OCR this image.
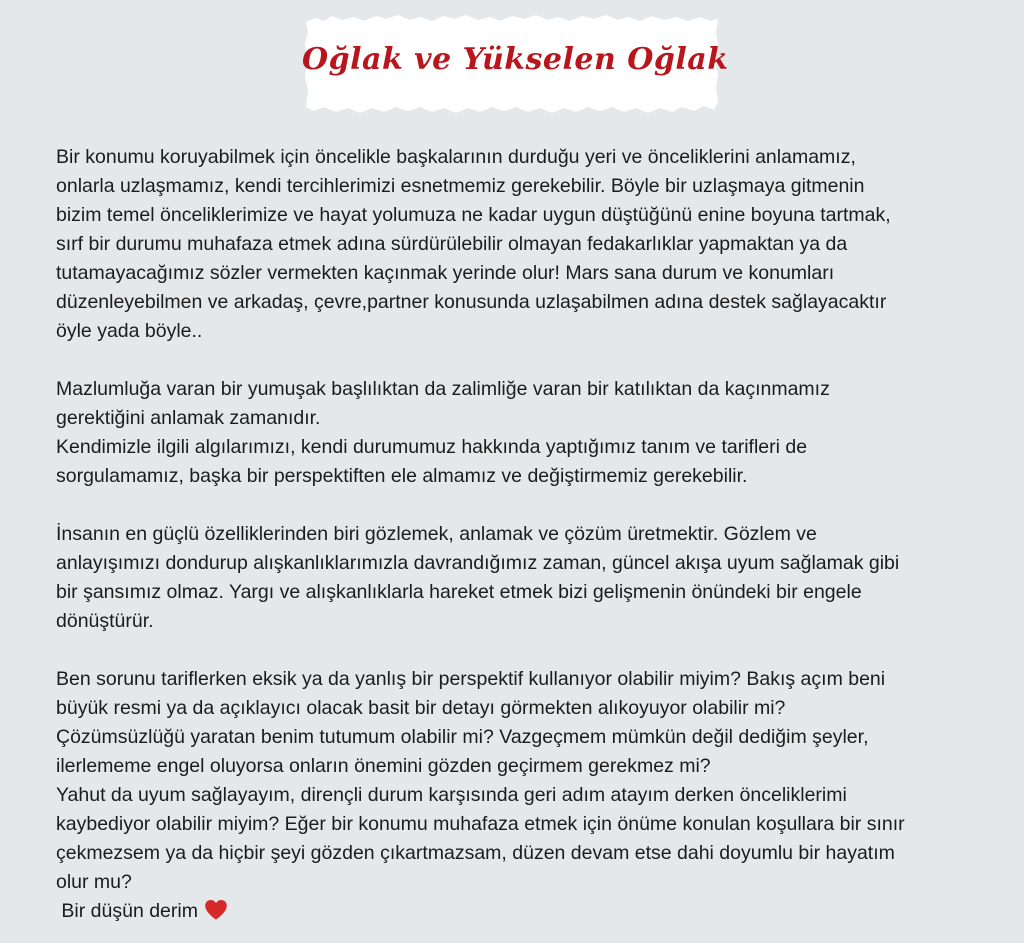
Oğlak ve Yükselen Oğlak
Bir konumu koruyabilmek için öncelikle başkalarının durduğu yeri ve önceliklerini anlamamız,
onlarla uzlaşmamız, kendi tercihlerimizi esnetmemiz gerekebilir. Böyle bir uzlaşmaya gitmenin
bizim temel önceliklerimize ve hayat yolumuza ne kadar uygun düştüğünü enine boyuna tartmak,
sırf bir durumu muhafaza etmek adına sürdürülebilir olmayan fedakarlıklar yapmaktan ya da
tutamayacağımız sözler vermekten kaçınmak yerinde olur! Mars sana durum ve konumları
düzenleyebilmen ve arkadaş, çevre,partner konusunda uzlaşabilmen adına destek sağlayacaktır
öyle yada böyle..
Mazlumluğa varan bir yumuşak başlılıktan da zalimliğe varan bir katılıktan da kaçınmamız
gerektiğini anlamak zamanıdır.
Kendimizle ilgili algılarımızı, kendi durumumuz hakkında yaptığımız tanım ve tarifleri de
sorgulamamız, başka bir perspektiften ele almamız ve değiştirmemiz gerekebilir.
İnsanın en güçlü özelliklerinden biri gözlemek, anlamak ve çözüm üretmektir. Gözlem ve
anlayışımızı dondurup alışkanlıklarımızla davrandığımız zaman, güncel akışa uyum sağlamak gibi
bir şansımız olmaz. Yargı ve alışkanlıklarla hareket etmek bizi gelişmenin önündeki bir engele
dönüştürür.
Ben sorunu tariflerken eksik ya da yanlış bir perspektif kullanıyor olabilir miyim? Bakış açım beni
büyük resmi ya da açıklayıcı olacak basit bir detayı görmekten alıkoyuyor olabilir mi?
Çözümsüzlüğü yaratan benim tutumum olabilir mi? Vazgeçmem mümkün değil dediğim şeyler,
ilerlememe engel oluyorsa onların önemini gözden geçirmem gerekmez mi?
Yahut da uyum sağlayayım, dirençli durum karşısında geri adım atayım derken önceliklerimi
kaybediyor olabilir miyim? Eğer bir konumu muhafaza etmek için önüme konulan koşullara bir sınır
çekmezsem ya da hiçbir şeyi gözden çıkartmazsam, düzen devam etse dahi doyumlu bir hayatım
olur mu?
Bir düşün derim
